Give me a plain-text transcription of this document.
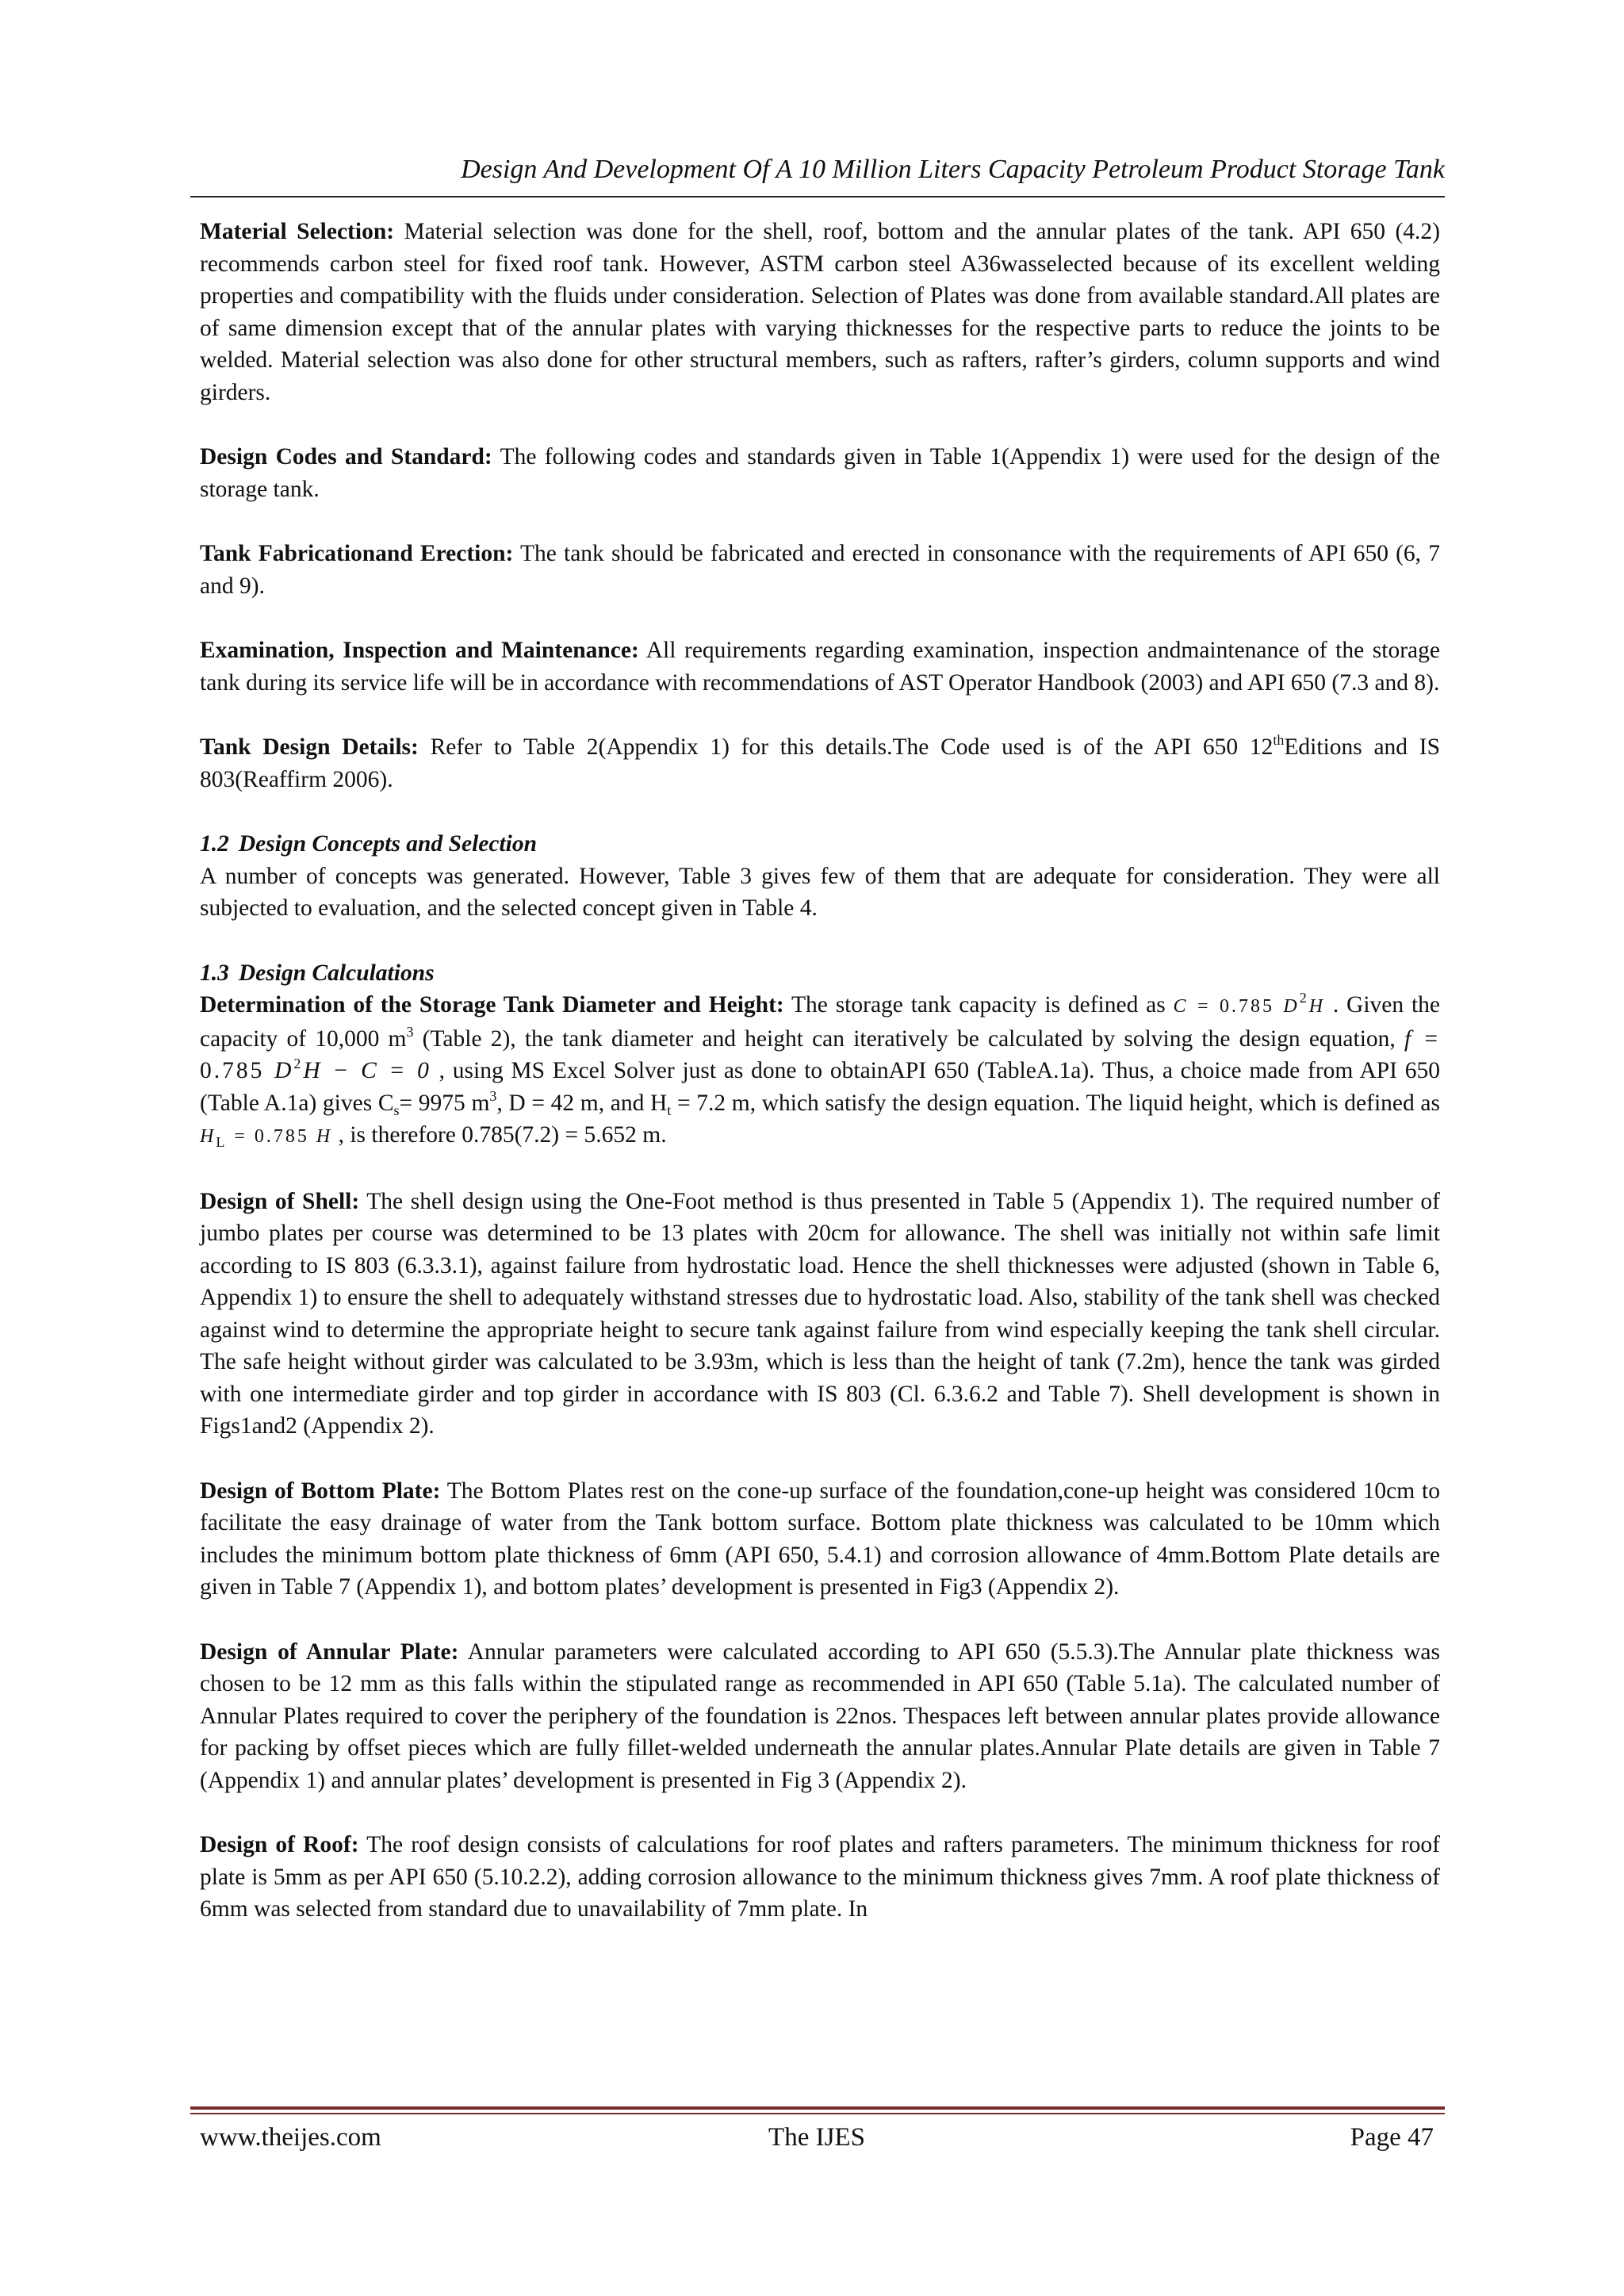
Design And Development Of A 10 Million Liters Capacity Petroleum Product Storage Tank

Material Selection: Material selection was done for the shell, roof, bottom and the annular plates of the tank. API 650 (4.2) recommends carbon steel for fixed roof tank. However, ASTM carbon steel A36wasselected because of its excellent welding properties and compatibility with the fluids under consideration. Selection of Plates was done from available standard.All plates are of same dimension except that of the annular plates with varying thicknesses for the respective parts to reduce the joints to be welded. Material selection was also done for other structural members, such as rafters, rafter’s girders, column supports and wind girders.

Design Codes and Standard: The following codes and standards given in Table 1(Appendix 1) were used for the design of the storage tank.

Tank Fabricationand Erection: The tank should be fabricated and erected in consonance with the requirements of API 650 (6, 7 and 9).

Examination, Inspection and Maintenance: All requirements regarding examination, inspection andmaintenance of the storage tank during its service life will be in accordance with recommendations of AST Operator Handbook (2003) and API 650 (7.3 and 8).

Tank Design Details: Refer to Table 2(Appendix 1) for this details.The Code used is of the API 650 12thEditions and IS 803(Reaffirm 2006).

1.2 Design Concepts and Selection

A number of concepts was generated. However, Table 3 gives few of them that are adequate for consideration. They were all subjected to evaluation, and the selected concept given in Table 4.

1.3 Design Calculations

Determination of the Storage Tank Diameter and Height: The storage tank capacity is defined as C = 0.785 $D^2H$ . Given the capacity of 10,000 $m^3$ (Table 2), the tank diameter and height can iteratively be calculated by solving the design equation, f = 0.785 $D^2H - C = 0$ , using MS Excel Solver just as done to obtainAPI 650 (TableA.1a). Thus, a choice made from API 650 (Table A.1a) gives $C_s= 9975$ $m^3$, D = 42 m, and $H_t = 7.2$ m, which satisfy the design equation. The liquid height, which is defined as $H_L = 0.785$ H , is therefore 0.785(7.2) = 5.652 m.

Design of Shell: The shell design using the One-Foot method is thus presented in Table 5 (Appendix 1). The required number of jumbo plates per course was determined to be 13 plates with 20cm for allowance. The shell was initially not within safe limit according to IS 803 (6.3.3.1), against failure from hydrostatic load. Hence the shell thicknesses were adjusted (shown in Table 6, Appendix 1) to ensure the shell to adequately withstand stresses due to hydrostatic load. Also, stability of the tank shell was checked against wind to determine the appropriate height to secure tank against failure from wind especially keeping the tank shell circular. The safe height without girder was calculated to be 3.93m, which is less than the height of tank (7.2m), hence the tank was girded with one intermediate girder and top girder in accordance with IS 803 (Cl. 6.3.6.2 and Table 7). Shell development is shown in Figs1and2 (Appendix 2).

Design of Bottom Plate: The Bottom Plates rest on the cone-up surface of the foundation,cone-up height was considered 10cm to facilitate the easy drainage of water from the Tank bottom surface. Bottom plate thickness was calculated to be 10mm which includes the minimum bottom plate thickness of 6mm (API 650, 5.4.1) and corrosion allowance of 4mm.Bottom Plate details are given in Table 7 (Appendix 1), and bottom plates’ development is presented in Fig3 (Appendix 2).

Design of Annular Plate: Annular parameters were calculated according to API 650 (5.5.3).The Annular plate thickness was chosen to be 12 mm as this falls within the stipulated range as recommended in API 650 (Table 5.1a). The calculated number of Annular Plates required to cover the periphery of the foundation is 22nos. Thespaces left between annular plates provide allowance for packing by offset pieces which are fully fillet-welded underneath the annular plates.Annular Plate details are given in Table 7 (Appendix 1) and annular plates’ development is presented in Fig 3 (Appendix 2).

Design of Roof: The roof design consists of calculations for roof plates and rafters parameters. The minimum thickness for roof plate is 5mm as per API 650 (5.10.2.2), adding corrosion allowance to the minimum thickness gives 7mm. A roof plate thickness of 6mm was selected from standard due to unavailability of 7mm plate. In

www.theijes.com	The IJES	Page 47
